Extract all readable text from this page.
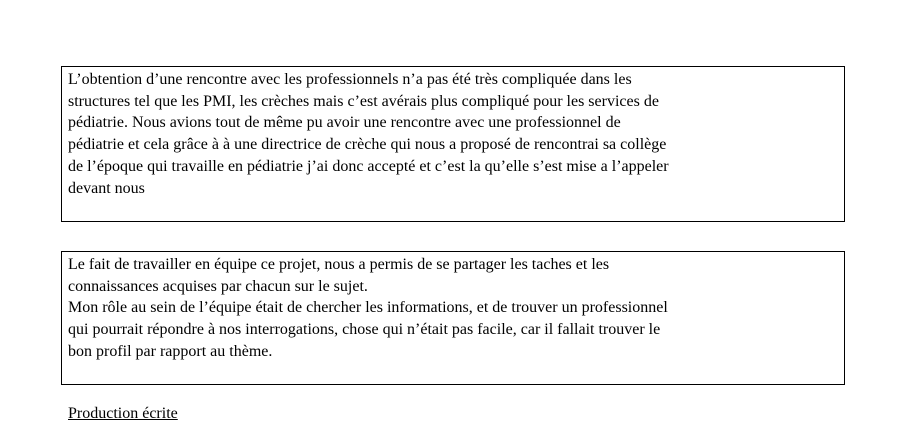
L’obtention d’une rencontre avec les professionnels n’a pas été très compliquée dans les

structures tel que les PMI, les crèches mais c’est avérais plus compliqué pour les services de

pédiatrie. Nous avions tout de même pu avoir une rencontre avec une professionnel de

pédiatrie et cela grâce à à une directrice de crèche qui nous a proposé de rencontrai sa collège

de l’époque qui travaille en pédiatrie j’ai donc accepté et c’est la qu’elle s’est mise a l’appeler

devant nous

Le fait de travailler en équipe ce projet, nous a permis de se partager les taches et les

connaissances acquises par chacun sur le sujet.

Mon rôle au sein de l’équipe était de chercher les informations, et de trouver un professionnel

qui pourrait répondre à nos interrogations, chose qui n’était pas facile, car il fallait trouver le

bon profil par rapport au thème.

Production écrite
